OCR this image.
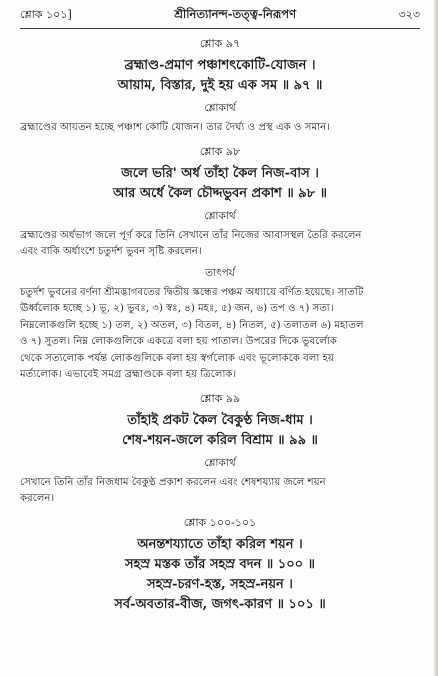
শ্লোক ১০১]	শ্রীনিত্যানন্দ-তত্ত্ব-নিরূপণ	৩২৩
শ্লোক ৯৭
ব্রহ্মাণ্ড-প্রমাণ পঞ্চাশৎকোটি-যোজন ।
আয়াম, বিস্তার, দুই হয় এক সম ॥ ৯৭ ॥
শ্লোকার্থ

ব্রহ্মাণ্ডের আয়তন হচ্ছে পঞ্চাশ কোটি যোজন। তার দৈর্ঘ্য ও প্রস্থ এক ও সমান।

শ্লোক ৯৮
জলে ভরি' অর্ধ তাঁহা কৈল নিজ-বাস ।
আর অর্ধে কৈল চৌদ্দভুবন প্রকাশ ॥ ৯৮ ॥
শ্লোকার্থ

ব্রহ্মাণ্ডের অর্ধভাগ জলে পূর্ণ করে তিনি সেখানে তাঁর নিজের আবাসস্থল তৈরি করলেন
এবং বাকি অর্ধাংশে চতুর্দশ ভুবন সৃষ্টি করলেন।

তাৎপর্য

চতুর্দশ ভুবনের বর্ণনা শ্রীমদ্ভাগবতের দ্বিতীয় স্কন্ধের পঞ্চম অধ্যায়ে বর্ণিত হয়েছে। সাতটি
ঊর্ধ্বলোক হচ্ছে ১) ভূ, ২) ভুবঃ, ৩) স্বঃ, ৪) মহঃ, ৫) জন, ৬) তপ ও ৭) সত্য।
নিম্নলোকগুলি হচ্ছে ১) তল, ২) অতল, ৩) বিতল, ৪) নিতল, ৫) তলাতল ৬) মহাতল
ও ৭) সুতল। নিম্ন লোকগুলিকে একত্রে বলা হয় পাতাল। উপরের দিকে ভুবর্লোক
থেকে সত্যলোক পর্যন্ত লোকগুলিকে বলা হয় স্বর্গলোক এবং ভূলোককে বলা হয়
মর্ত্যলোক। এভাবেই সমগ্র ব্রহ্মাণ্ডকে বলা হয় ত্রিলোক।

শ্লোক ৯৯
তাঁহাই প্রকট কৈল বৈকুণ্ঠ নিজ-ধাম ।
শেষ-শয়ন-জলে করিল বিশ্রাম ॥ ৯৯ ॥
শ্লোকার্থ

সেখানে তিনি তাঁর নিজধাম বৈকুণ্ঠ প্রকাশ করলেন এবং শেষশয্যায় জলে শয়ন
করলেন।

শ্লোক ১০০-১০১
অনন্তশয্যাতে তাঁহা করিল শয়ন ।
সহস্র মস্তক তাঁর সহস্র বদন ॥ ১০০ ॥
সহস্র-চরণ-হস্ত, সহস্র-নয়ন ।
সর্ব-অবতার-বীজ, জগৎ-কারণ ॥ ১০১ ॥
